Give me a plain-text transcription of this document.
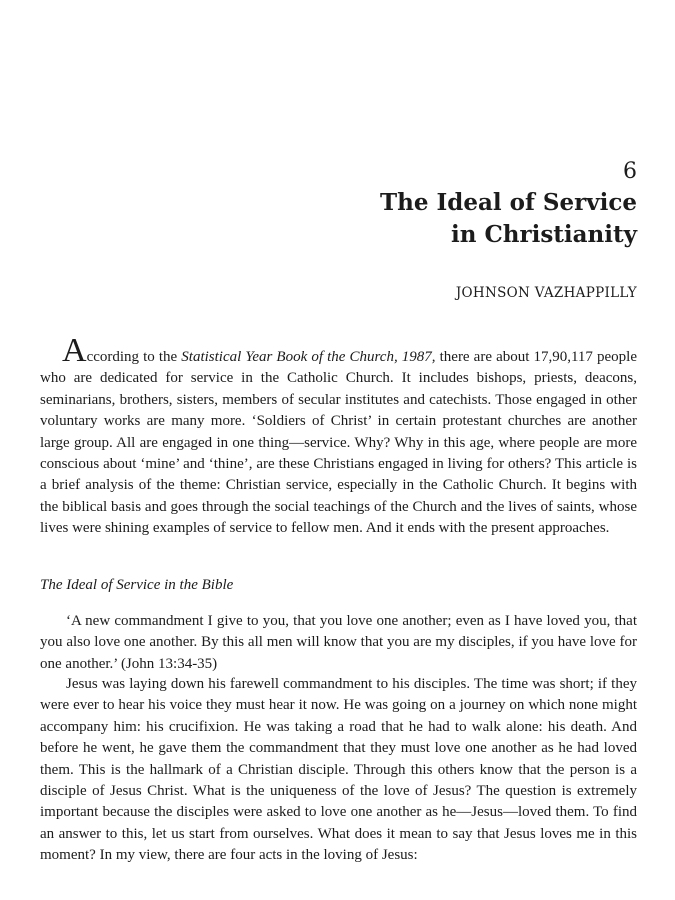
6
The Ideal of Service
in Christianity

JOHNSON VAZHAPPILLY

According to the Statistical Year Book of the Church, 1987, there are about 17,90,117 people who are dedicated for service in the Catholic Church. It includes bishops, priests, deacons, seminarians, brothers, sisters, members of secular institutes and catechists. Those engaged in other voluntary works are many more. ‘Soldiers of Christ’ in certain protestant churches are another large group. All are engaged in one thing—service. Why? Why in this age, where people are more conscious about ‘mine’ and ‘thine’, are these Christians engaged in living for others? This article is a brief analysis of the theme: Christian service, especially in the Catholic Church. It begins with the biblical basis and goes through the social teachings of the Church and the lives of saints, whose lives were shining examples of service to fellow men. And it ends with the present approaches.

The Ideal of Service in the Bible

‘A new commandment I give to you, that you love one another; even as I have loved you, that you also love one another. By this all men will know that you are my disciples, if you have love for one another.’ (John 13:34-35)

Jesus was laying down his farewell commandment to his disciples. The time was short; if they were ever to hear his voice they must hear it now. He was going on a journey on which none might accompany him: his crucifixion. He was taking a road that he had to walk alone: his death. And before he went, he gave them the commandment that they must love one another as he had loved them. This is the hallmark of a Christian disciple. Through this others know that the person is a disciple of Jesus Christ. What is the uniqueness of the love of Jesus? The question is extremely important because the disciples were asked to love one another as he—Jesus—loved them. To find an answer to this, let us start from ourselves. What does it mean to say that Jesus loves me in this moment? In my view, there are four acts in the loving of Jesus:
